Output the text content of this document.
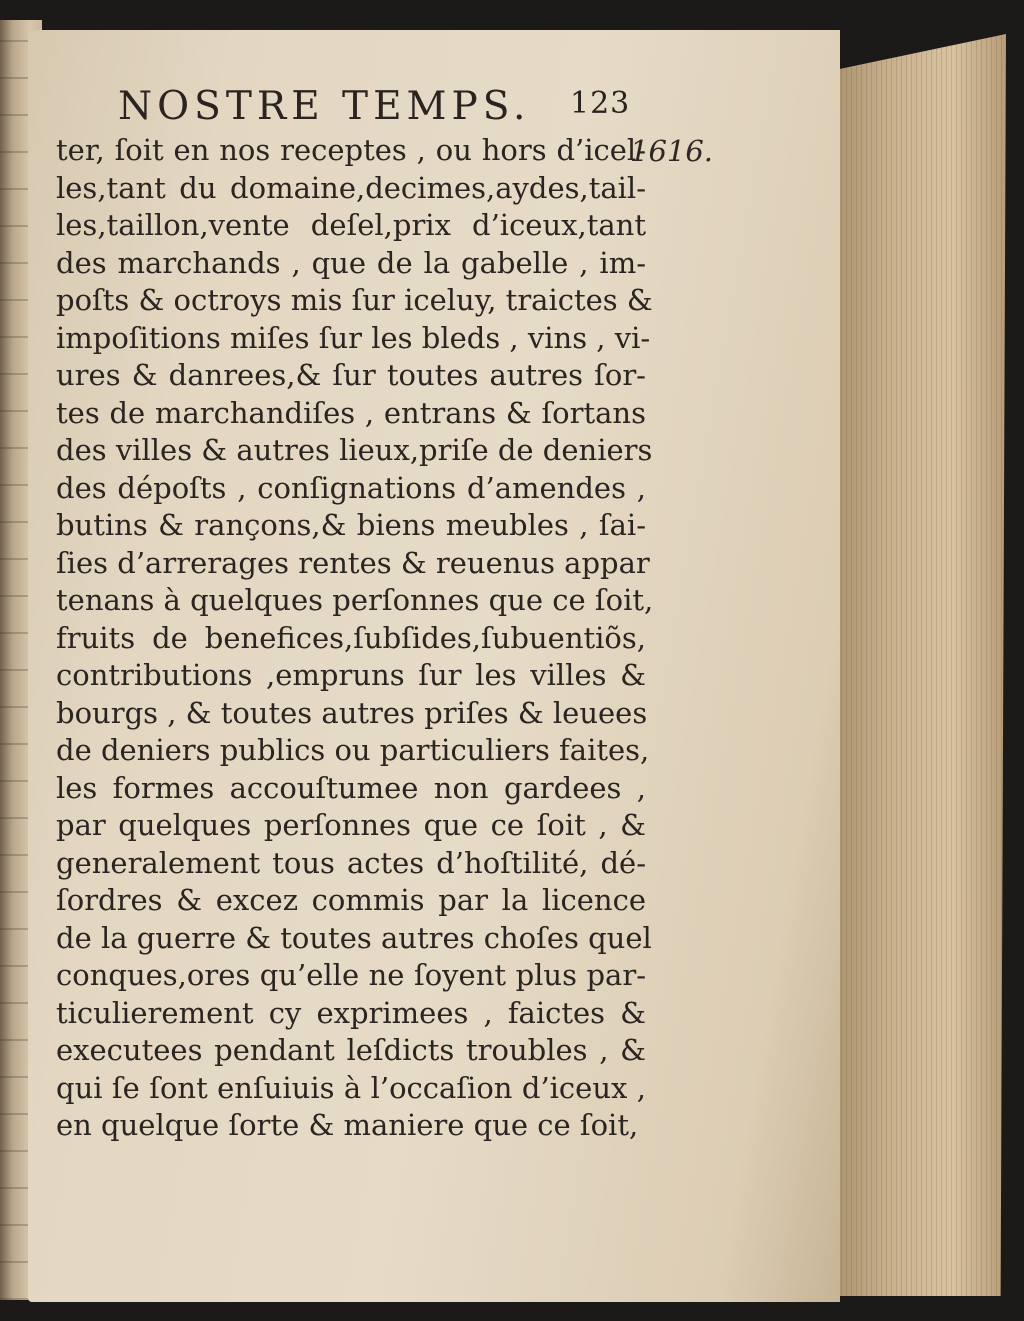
NOSTRE TEMPS. 123
1616.
ter, ſoit en nos receptes , ou hors d’icel-
les,tant du domaine,decimes,aydes,tail-
les,taillon,vente deſel,prix d’iceux,tant
des marchands , que de la gabelle , im-
poſts & octroys mis ſur iceluy, traictes &
impoſitions miſes ſur les bleds , vins , vi-
ures & danrees,& ſur toutes autres ſor-
tes de marchandiſes , entrans & ſortans
des villes & autres lieux,priſe de deniers
des dépoſts , conſignations d’amendes ,
butins & rançons,& biens meubles , ſai-
ſies d’arrerages rentes & reuenus appar
tenans à quelques perſonnes que ce ſoit,
fruits de benefices,ſubſides,ſubuentiõs,
contributions ,empruns ſur les villes &
bourgs , & toutes autres priſes & leuees
de deniers publics ou particuliers faites,
les formes accouſtumee non gardees ,
par quelques perſonnes que ce ſoit , &
generalement tous actes d’hoſtilité, dé-
ſordres & excez commis par la licence
de la guerre & toutes autres choſes quel
conques,ores qu’elle ne ſoyent plus par-
ticulierement cy exprimees , faictes &
executees pendant leſdicts troubles , &
qui ſe ſont enſuiuis à l’occaſion d’iceux ,
en quelque ſorte & maniere que ce ſoit,
